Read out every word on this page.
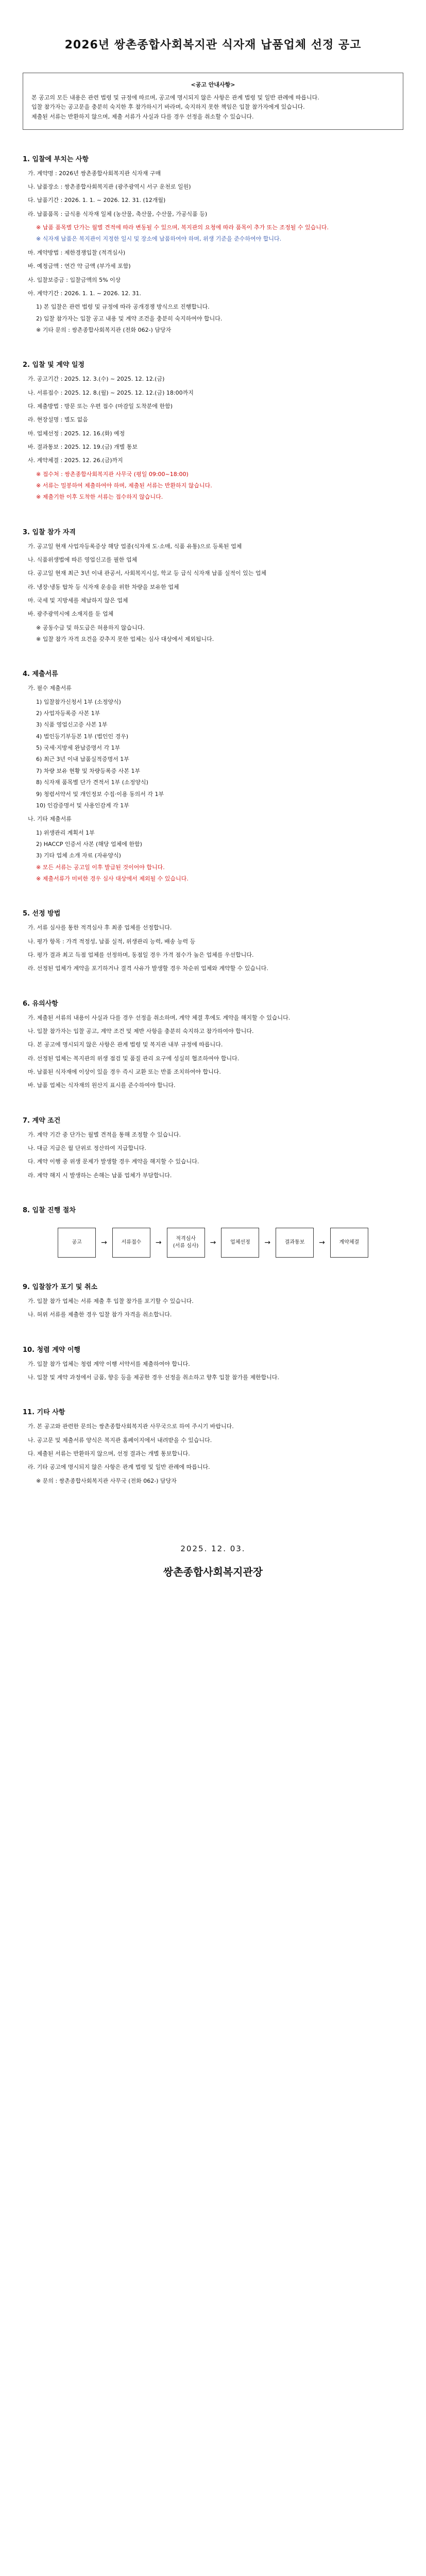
2026년 쌍촌종합사회복지관 식자재 납품업체 선정 공고
<공고 안내사항>
본 공고의 모든 내용은 관련 법령 및 규정에 따르며, 공고에 명시되지 않은 사항은 관계 법령 및 일반 관례에 따릅니다.
입찰 참가자는 공고문을 충분히 숙지한 후 참가하시기 바라며, 숙지하지 못한 책임은 입찰 참가자에게 있습니다.
제출된 서류는 반환하지 않으며, 제출 서류가 사실과 다를 경우 선정을 취소할 수 있습니다.
1. 입찰에 부치는 사항
가. 계약명 : 2026년 쌍촌종합사회복지관 식자재 구매
나. 납품장소 : 쌍촌종합사회복지관 (광주광역시 서구 운천로 일원)
다. 납품기간 : 2026. 1. 1. ~ 2026. 12. 31. (12개월)
라. 납품품목 : 급식용 식자재 일체 (농산물, 축산물, 수산물, 가공식품 등)
※ 납품 품목별 단가는 월별 견적에 따라 변동될 수 있으며, 복지관의 요청에 따라 품목이 추가 또는 조정될 수 있습니다.
※ 식자재 납품은 복지관이 지정한 일시 및 장소에 납품하여야 하며, 위생 기준을 준수하여야 합니다.
마. 계약방법 : 제한경쟁입찰 (적격심사)
바. 예정금액 : 연간 약 금액 (부가세 포함)
사. 입찰보증금 : 입찰금액의 5% 이상
아. 계약기간 : 2026. 1. 1. ~ 2026. 12. 31.
1) 본 입찰은 관련 법령 및 규정에 따라 공개경쟁 방식으로 진행합니다.
2) 입찰 참가자는 입찰 공고 내용 및 계약 조건을 충분히 숙지하여야 합니다.
※ 기타 문의 : 쌍촌종합사회복지관 (전화 062-) 담당자
2. 입찰 및 계약 일정
가. 공고기간 : 2025. 12. 3.(수) ~ 2025. 12. 12.(금)
나. 서류접수 : 2025. 12. 8.(월) ~ 2025. 12. 12.(금) 18:00까지
다. 제출방법 : 방문 또는 우편 접수 (마감일 도착분에 한함)
라. 현장설명 : 별도 없음
마. 업체선정 : 2025. 12. 16.(화) 예정
바. 결과통보 : 2025. 12. 19.(금) 개별 통보
사. 계약체결 : 2025. 12. 26.(금)까지
※ 접수처 : 쌍촌종합사회복지관 사무국 (평일 09:00~18:00)
※ 서류는 밀봉하여 제출하여야 하며, 제출된 서류는 반환하지 않습니다.
※ 제출기한 이후 도착한 서류는 접수하지 않습니다.
3. 입찰 참가 자격
가. 공고일 현재 사업자등록증상 해당 업종(식자재 도·소매, 식품 유통)으로 등록된 업체
나. 식품위생법에 따른 영업신고를 필한 업체
다. 공고일 현재 최근 3년 이내 관공서, 사회복지시설, 학교 등 급식 식자재 납품 실적이 있는 업체
라. 냉장·냉동 탑차 등 식자재 운송을 위한 차량을 보유한 업체
마. 국세 및 지방세를 체납하지 않은 업체
바. 광주광역시에 소재지를 둔 업체
※ 공동수급 및 하도급은 허용하지 않습니다.
※ 입찰 참가 자격 요건을 갖추지 못한 업체는 심사 대상에서 제외됩니다.
4. 제출서류
가. 필수 제출서류
1) 입찰참가신청서 1부 (소정양식)
2) 사업자등록증 사본 1부
3) 식품 영업신고증 사본 1부
4) 법인등기부등본 1부 (법인인 경우)
5) 국세·지방세 완납증명서 각 1부
6) 최근 3년 이내 납품실적증명서 1부
7) 차량 보유 현황 및 차량등록증 사본 1부
8) 식자재 품목별 단가 견적서 1부 (소정양식)
9) 청렴서약서 및 개인정보 수집·이용 동의서 각 1부
10) 인감증명서 및 사용인감계 각 1부
나. 기타 제출서류
1) 위생관리 계획서 1부
2) HACCP 인증서 사본 (해당 업체에 한함)
3) 기타 업체 소개 자료 (자유양식)
※ 모든 서류는 공고일 이후 발급된 것이어야 합니다.
※ 제출서류가 미비한 경우 심사 대상에서 제외될 수 있습니다.
5. 선정 방법
가. 서류 심사를 통한 적격심사 후 최종 업체를 선정합니다.
나. 평가 항목 : 가격 적정성, 납품 실적, 위생관리 능력, 배송 능력 등
다. 평가 결과 최고 득점 업체를 선정하며, 동점일 경우 가격 점수가 높은 업체를 우선합니다.
라. 선정된 업체가 계약을 포기하거나 결격 사유가 발생할 경우 차순위 업체와 계약할 수 있습니다.
6. 유의사항
가. 제출된 서류의 내용이 사실과 다를 경우 선정을 취소하며, 계약 체결 후에도 계약을 해지할 수 있습니다.
나. 입찰 참가자는 입찰 공고, 계약 조건 및 제반 사항을 충분히 숙지하고 참가하여야 합니다.
다. 본 공고에 명시되지 않은 사항은 관계 법령 및 복지관 내부 규정에 따릅니다.
라. 선정된 업체는 복지관의 위생 점검 및 품질 관리 요구에 성실히 협조하여야 합니다.
마. 납품된 식자재에 이상이 있을 경우 즉시 교환 또는 반품 조치하여야 합니다.
바. 납품 업체는 식자재의 원산지 표시를 준수하여야 합니다.
7. 계약 조건
가. 계약 기간 중 단가는 월별 견적을 통해 조정할 수 있습니다.
나. 대금 지급은 월 단위로 정산하여 지급합니다.
다. 계약 이행 중 위생 문제가 발생할 경우 계약을 해지할 수 있습니다.
라. 계약 해지 시 발생하는 손해는 납품 업체가 부담합니다.
8. 입찰 진행 절차
공고	→	서류접수	→	적격심사
(서류 심사)	→	업체선정	→	결과통보	→	계약체결
9. 입찰참가 포기 및 취소
가. 입찰 참가 업체는 서류 제출 후 입찰 참가를 포기할 수 있습니다.
나. 허위 서류를 제출한 경우 입찰 참가 자격을 취소합니다.
10. 청렴 계약 이행
가. 입찰 참가 업체는 청렴 계약 이행 서약서를 제출하여야 합니다.
나. 입찰 및 계약 과정에서 금품, 향응 등을 제공한 경우 선정을 취소하고 향후 입찰 참가를 제한합니다.
11. 기타 사항
가. 본 공고와 관련한 문의는 쌍촌종합사회복지관 사무국으로 하여 주시기 바랍니다.
나. 공고문 및 제출서류 양식은 복지관 홈페이지에서 내려받을 수 있습니다.
다. 제출된 서류는 반환하지 않으며, 선정 결과는 개별 통보합니다.
라. 기타 공고에 명시되지 않은 사항은 관계 법령 및 일반 관례에 따릅니다.
※ 문의 : 쌍촌종합사회복지관 사무국 (전화 062-) 담당자
2025. 12. 03.
쌍촌종합사회복지관장
